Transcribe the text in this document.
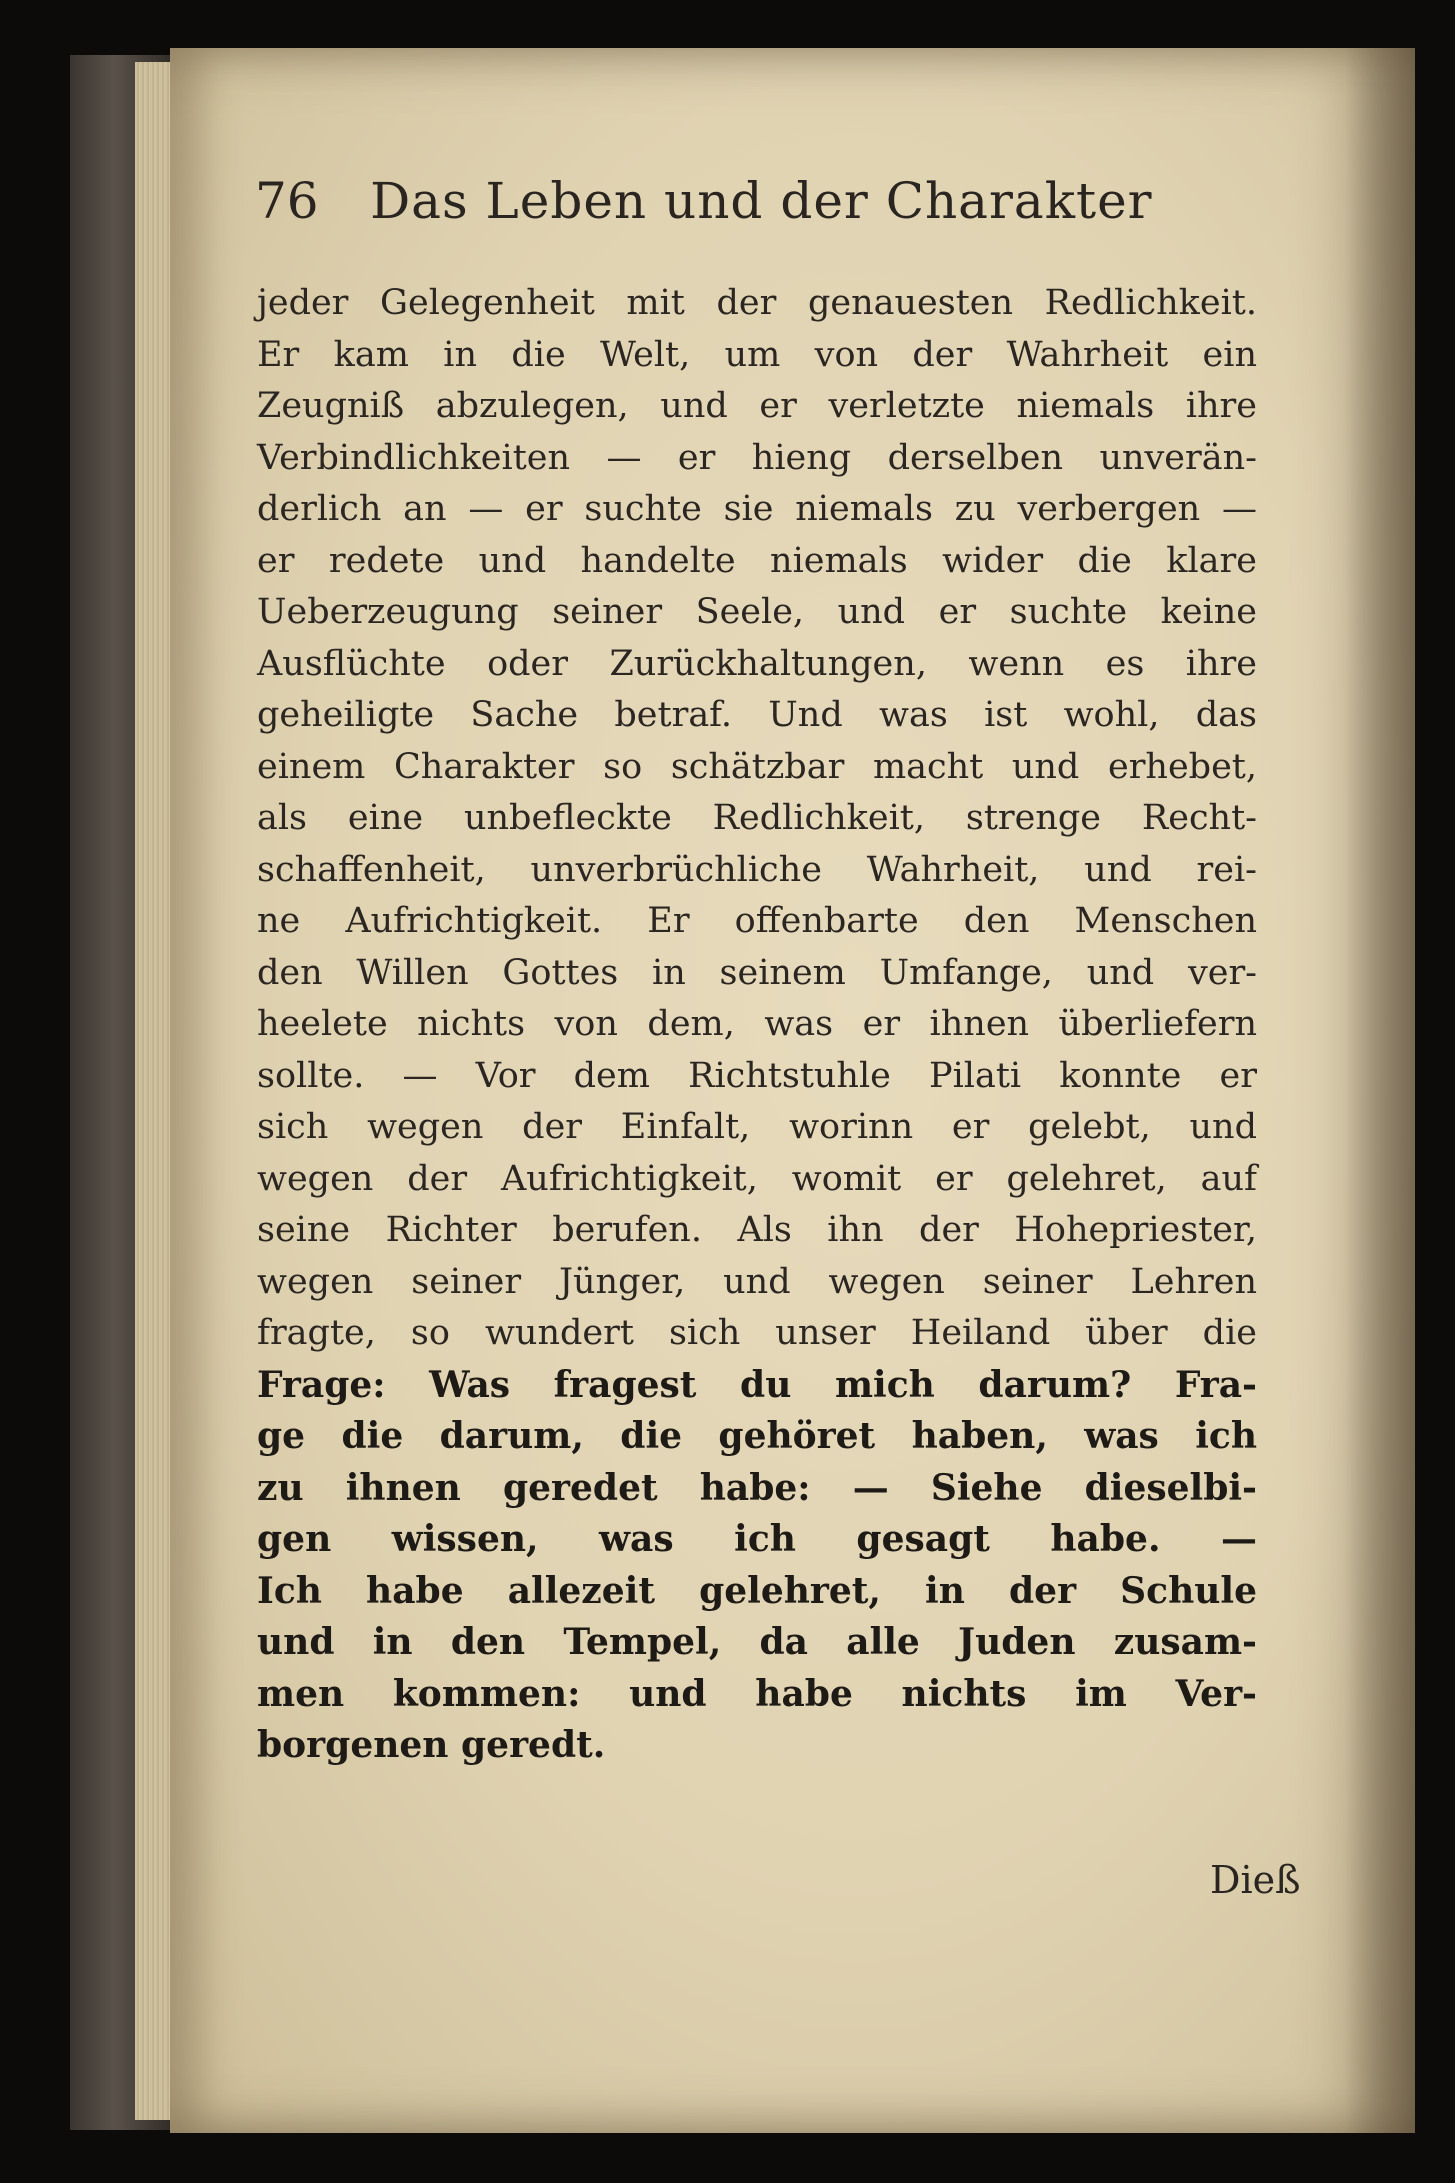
76 Das Leben und der Charakter
jeder Gelegenheit mit der genauesten Redlichkeit.
Er kam in die Welt, um von der Wahrheit ein
Zeugniß abzulegen, und er verletzte niemals ihre
Verbindlichkeiten — er hieng derselben unverän-
derlich an — er suchte sie niemals zu verbergen —
er redete und handelte niemals wider die klare
Ueberzeugung seiner Seele, und er suchte keine
Ausflüchte oder Zurückhaltungen, wenn es ihre
geheiligte Sache betraf. Und was ist wohl, das
einem Charakter so schätzbar macht und erhebet,
als eine unbefleckte Redlichkeit, strenge Recht-
schaffenheit, unverbrüchliche Wahrheit, und rei-
ne Aufrichtigkeit. Er offenbarte den Menschen
den Willen Gottes in seinem Umfange, und ver-
heelete nichts von dem, was er ihnen überliefern
sollte. — Vor dem Richtstuhle Pilati konnte er
sich wegen der Einfalt, worinn er gelebt, und
wegen der Aufrichtigkeit, womit er gelehret, auf
seine Richter berufen. Als ihn der Hohepriester,
wegen seiner Jünger, und wegen seiner Lehren
fragte, so wundert sich unser Heiland über die
Frage: Was fragest du mich darum? Fra-
ge die darum, die gehöret haben, was ich
zu ihnen geredet habe: — Siehe dieselbi-
gen wissen, was ich gesagt habe. —
Ich habe allezeit gelehret, in der Schule
und in den Tempel, da alle Juden zusam-
men kommen: und habe nichts im Ver-
borgenen geredt.
Dieß
